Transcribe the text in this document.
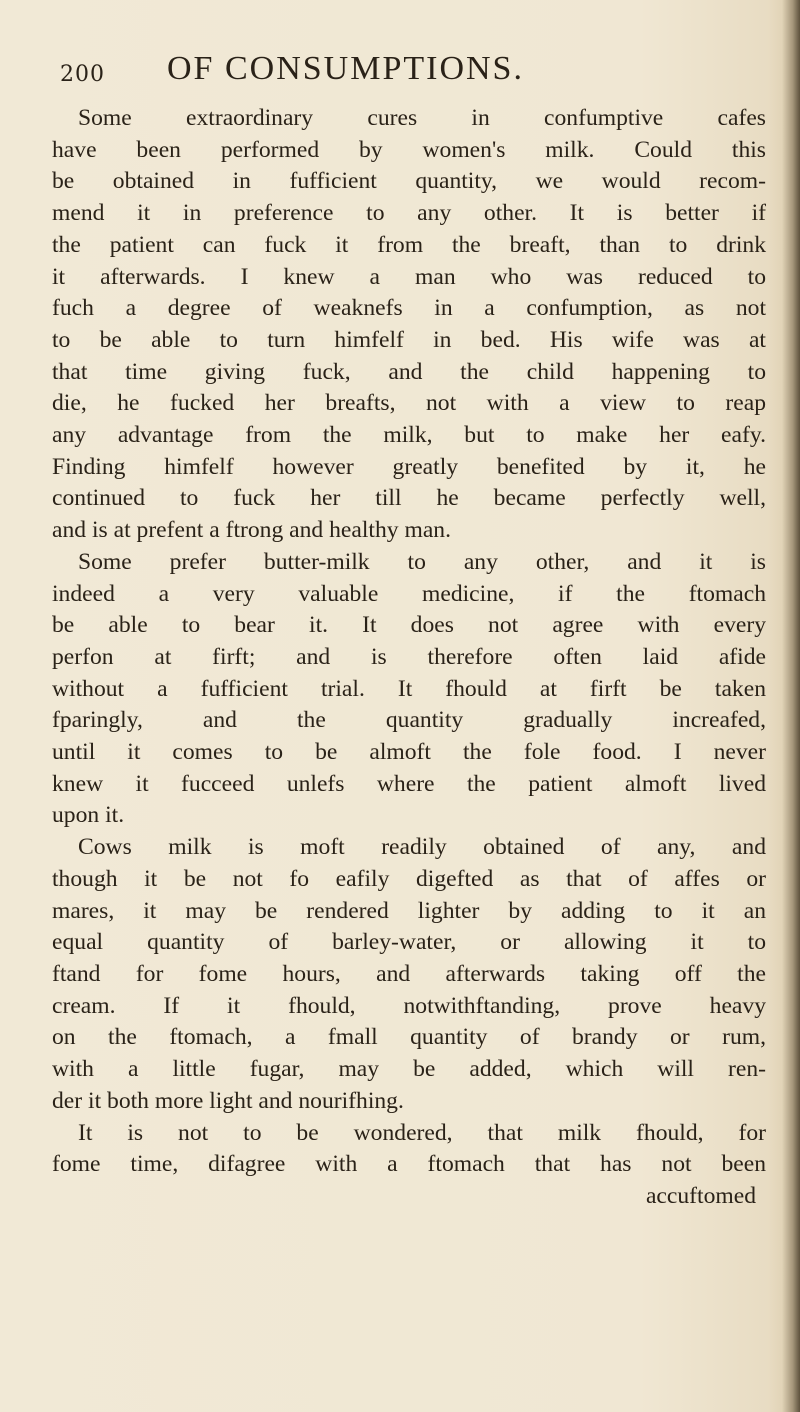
200 OF CONSUMPTIONS.
Some extraordinary cures in confumptive cafes
have been performed by women's milk. Could this
be obtained in fufficient quantity, we would recom-
mend it in preference to any other. It is better if
the patient can fuck it from the breaft, than to drink
it afterwards. I knew a man who was reduced to
fuch a degree of weaknefs in a confumption, as not
to be able to turn himfelf in bed. His wife was at
that time giving fuck, and the child happening to
die, he fucked her breafts, not with a view to reap
any advantage from the milk, but to make her eafy.
Finding himfelf however greatly benefited by it, he
continued to fuck her till he became perfectly well,
and is at prefent a ftrong and healthy man.
Some prefer butter-milk to any other, and it is
indeed a very valuable medicine, if the ftomach
be able to bear it. It does not agree with every
perfon at firft; and is therefore often laid afide
without a fufficient trial. It fhould at firft be taken
fparingly, and the quantity gradually increafed,
until it comes to be almoft the fole food. I never
knew it fucceed unlefs where the patient almoft lived
upon it.
Cows milk is moft readily obtained of any, and
though it be not fo eafily digefted as that of affes or
mares, it may be rendered lighter by adding to it an
equal quantity of barley-water, or allowing it to
ftand for fome hours, and afterwards taking off the
cream. If it fhould, notwithftanding, prove heavy
on the ftomach, a fmall quantity of brandy or rum,
with a little fugar, may be added, which will ren-
der it both more light and nourifhing.
It is not to be wondered, that milk fhould, for
fome time, difagree with a ftomach that has not been
accuftomed
